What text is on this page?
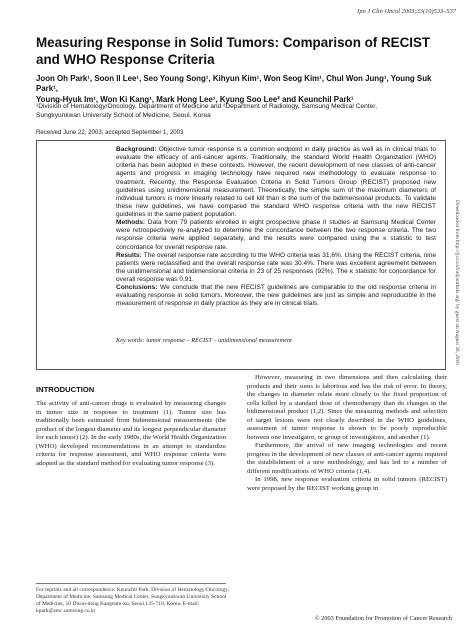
Jpn J Clin Oncol 2003;33(10)533–537
Measuring Response in Solid Tumors: Comparison of RECIST and WHO Response Criteria
Joon Oh Park¹, Soon Il Lee¹, Seo Young Song¹, Kihyun Kim¹, Won Seog Kim¹, Chul Won Jung¹, Young Suk Park¹,
Young-Hyuk Im¹, Won Ki Kang¹, Mark Hong Lee¹, Kyung Soo Lee² and Keunchil Park¹
¹Division of Hematology/Oncology, Department of Medicine and ²Department of Radiology, Samsung Medical Center,
Sungkyunkwan University School of Medicine, Seoul, Korea
Received June 22, 2003; accepted September 1, 2003

Background: Objective tumor response is a common endpoint in daily practice as well as in clinical trials to evaluate the efficacy of anti-cancer agents. Traditionally, the standard World Health Organization (WHO) criteria has been adopted in these contexts. However, the recent development of new classes of anti-cancer agents and progress in imaging technology have required new methodology to evaluate response to treatment. Recently, the Response Evaluation Criteria in Solid Tumors Group (RECIST) proposed new guidelines using unidimensional measurement. Theoretically, the simple sum of the maximum diameters of individual tumors is more linearly related to cell kill than is the sum of the bidimensional products. To validate these new guidelines, we have compared the standard WHO response criteria with the new RECIST guidelines in the same patient population.

Methods: Data from 79 patients enrolled in eight prospective phase II studies at Samsung Medical Center were retrospectively re-analyzed to determine the concordance between the two response criteria. The two response criteria were applied separately, and the results were compared using the κ statistic to test concordance for overall response rate.

Results: The overall response rate according to the WHO criteria was 31.6%. Using the RECIST criteria, nine patients were reclassified and the overall response rate was 30.4%. There was excellent agreement between the unidimensional and bidimensional criteria in 23 of 25 responses (92%). The κ statistic for concordance for overall response was 0.91.

Conclusions: We conclude that the new RECIST guidelines are comparable to the old response criteria in evaluating response in solid tumors. Moreover, the new guidelines are just as simple and reproducible in the measurement of response in daily practice as they are in clinical trials.

Key words: tumor response – RECIST – unidimensional measurement	Downloaded from http://jjco.oxfordjournals.org/ by guest on August 30, 2016
INTRODUCTION

The activity of anti-cancer drugs is evaluated by measuring changes in tumor size in response to treatment (1). Tumor size has traditionally been estimated from bidimensional measurements (the product of the longest diameter and its longest perpendicular diameter for each tumor) (2). In the early 1980s, the World Health Organization (WHO) developed recommendations in an attempt to standardize criteria for response assessment, and WHO response criteria were adopted as the standard method for evaluating tumor response (3).

However, measuring in two dimensions and then calculating their products and their sums is laborious and has the risk of error. In theory, the changes in diameter relate more closely to the fixed proportion of cells killed by a standard dose of chemotherapy than do changes in the bidimensional product (1,2). Since the measuring methods and selection of target lesions were not clearly described in the WHO guidelines, assessment of tumor response is shown to be poorly reproducible between one investigator, or group of investigators, and another (1).

Furthermore, the arrival of new imaging technologies and recent progress in the development of new classes of anti-cancer agents required the establishment of a new methodology, and has led to a number of different modifications of WHO criteria (1,4).

In 1998, new response evaluation criteria in solid tumors (RECIST) were proposed by the RECIST working group in

For reprints and all correspondence: Keunchil Park, Division of Hematology/Oncology, Department of Medicine, Samsung Medical Center, Sungkyunkwan University School of Medicine, 50 Dwon-dong Kangnam-ku, Seoul 135-710, Korea. E-mail: kpark@smc.samsung.co.kr
© 2003 Foundation for Promotion of Cancer Research
